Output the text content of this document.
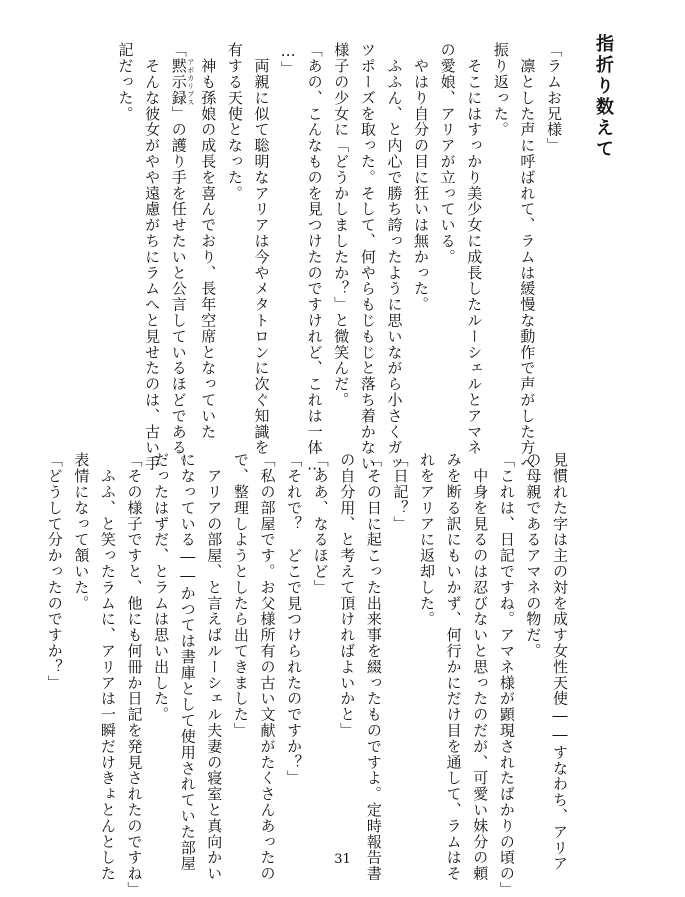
指折り数えて

「ラムお兄様」

　凛とした声に呼ばれて、ラムは緩慢な動作で声がした方へ

振り返った。

　そこにはすっかり美少女に成長したルーシェルとアマネ

の愛娘、アリアが立っている。

　やはり自分の目に狂いは無かった。

　ふふん、と内心で勝ち誇ったように思いながら小さくガッ

ツポーズを取った。そして、何やらもじもじと落ち着かない

様子の少女に「どうかしましたか？」と微笑んだ。

「あの、こんなものを見つけたのですけれど、これは一体…

…」

　両親に似て聡明なアリアは今やメタトロンに次ぐ知識を

有する天使となった。

　神も孫娘の成長を喜んでおり、長年空席となっていた

「黙示録 アポカリプス」の護り手を任せたいと公言しているほどである。

　そんな彼女がやや遠慮がちにラムへと見せたのは、古い手

記だった。

見慣れた字は主の対を成す女性天使――すなわち、アリア

の母親であるアマネの物だ。

「これは、日記ですね。アマネ様が顕現されたばかりの頃の」

　中身を見るのは忍びないと思ったのだが、可愛い妹分の頼

みを断る訳にもいかず、何行かにだけ目を通して、ラムはそ

れをアリアに返却した。

「日記？」

「その日に起こった出来事を綴ったものですよ。定時報告書

の自分用、と考えて頂ければよいかと」

「ああ、なるほど」

「それで？　どこで見つけられたのですか？」

「私の部屋です。お父様所有の古い文献がたくさんあったの

で、整理しようとしたら出てきました」

　アリアの部屋、と言えばルーシェル夫妻の寝室と真向かい

になっている――かつては書庫として使用されていた部屋

だったはずだ、とラムは思い出した。

「その様子ですと、他にも何冊か日記を発見されたのですね」

　ふふ、と笑ったラムに、アリアは一瞬だけきょとんとした

表情になって頷いた。

「どうして分かったのですか？」

31
